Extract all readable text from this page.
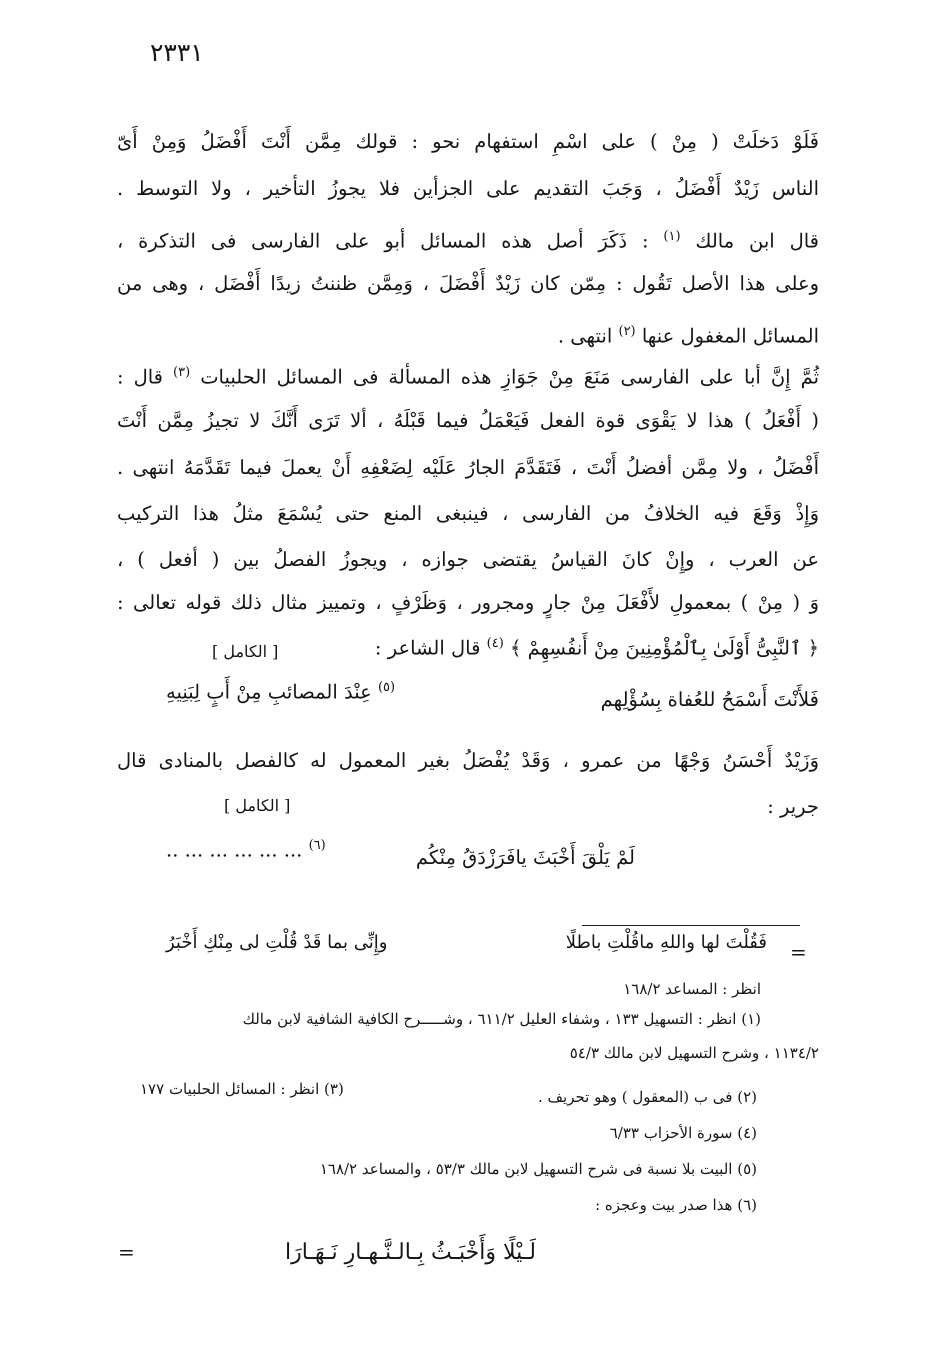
٢٣٣١
فَلَوْ دَخلَتْ ( مِنْ ) على اسْمِ استفهام نحو : قولك مِمَّن أَنْتَ أَفْضَلُ وَمِنْ أَىّ
الناس زَيْدٌ أَفْضَلُ ، وَجَبَ التقديم على الجزأين فلا يجوزُ التأخير ، ولا التوسط .
قال ابن مالك $^{(١)}$ : ذَكَرَ أصل هذه المسائل أبو على الفارسى فى التذكرة ،
وعلى هذا الأصل تَقُول : مِمّن كان زَيْدٌ أَفْضَلَ ، وَمِمَّن ظننتُ زيدًا أَفْضَل ، وهى من
المسائل المغفول عنها $^{(٢)}$ انتهى .
ثُمَّ إِنَّ أبا على الفارسى مَنَعَ مِنْ جَوَازِ هذه المسألة فى المسائل الحلبيات $^{(٣)}$ قال :
( أَفْعَلُ ) هذا لا يَقْوَى قوة الفعل فَيَعْمَلُ فيما قَبْلَهُ ، ألا تَرَى أَنَّكَ لا تجيزُ مِمَّن أَنْتَ
أَفْضَلُ ، ولا مِمَّن أفضلُ أَنْتَ ، فَتَقَدَّمَ الجارُ عَلَيْه لِضَعْفِهِ أَنْ يعملَ فيما تَقَدَّمَهُ انتهى .
وَإِذْ وَقَعَ فيه الخلافُ من الفارسى ، فينبغى المنع حتى يُسْمَعَ مثلُ هذا التركيب
عن العرب ، وإِنْ كانَ القياسُ يقتضى جوازه ، ويجوزُ الفصلُ بين ( أفعل ) ،
وَ ( مِنْ ) بمعمولِ لأَفْعَلَ مِنْ جارٍ ومجرور ، وَظَرْفٍ ، وتمييز مثال ذلك قوله تعالى :
﴿ ٱلنَّبِىُّ أَوْلَىٰ بِٱلْمُؤْمِنِينَ مِنْ أَنفُسِهِمْ ﴾ $^{(٤)}$ قال الشاعر :
[ الكامل ]
فَلأَنْتَ أَسْمَحُ للعُفاة بِسُؤْلِهم
$^{(٥)}$ عِنْدَ المصائبِ مِنْ أَبٍ لِبَنِيهِ
وَزَيْدٌ أَحْسَنُ وَجْهًا من عمرو ، وَقَدْ يُفْصَلُ بغير المعمول له كالفصل بالمنادى قال
جرير :
[ الكامل ]
لَمْ يَلْقَ أَخْبَثَ يافَرَزْدَقُ مِنْكُم
$^{(٦)}$ ... ... ... ... ... ..
=
فَقُلْتَ لها واللهِ ماقُلْتِ باطلًا
وإِنِّى بما قَدْ قُلْتِ لى مِنْكِ أَخْبَرُ
انظر : المساعد ١٦٨/٢
(١) انظر : التسهيل ١٣٣ ، وشفاء العليل ٦١١/٢ ، وشـــــرح الكافية الشافية لابن مالك
١١٣٤/٢ ، وشرح التسهيل لابن مالك ٥٤/٣
(٢) فى ب (المعقول ) وهو تحريف .
(٣) انظر : المسائل الحلبيات ١٧٧
(٤) سورة الأحزاب ٦/٣٣
(٥) البيت بلا نسبة فى شرح التسهيل لابن مالك ٥٣/٣ ، والمساعد ١٦٨/٢
(٦) هذا صدر بيت وعجزه :
لَـيْلًا وَأَخْبَـثُ بِـالـنَّـهـارِ نَـهَـارَا
=
